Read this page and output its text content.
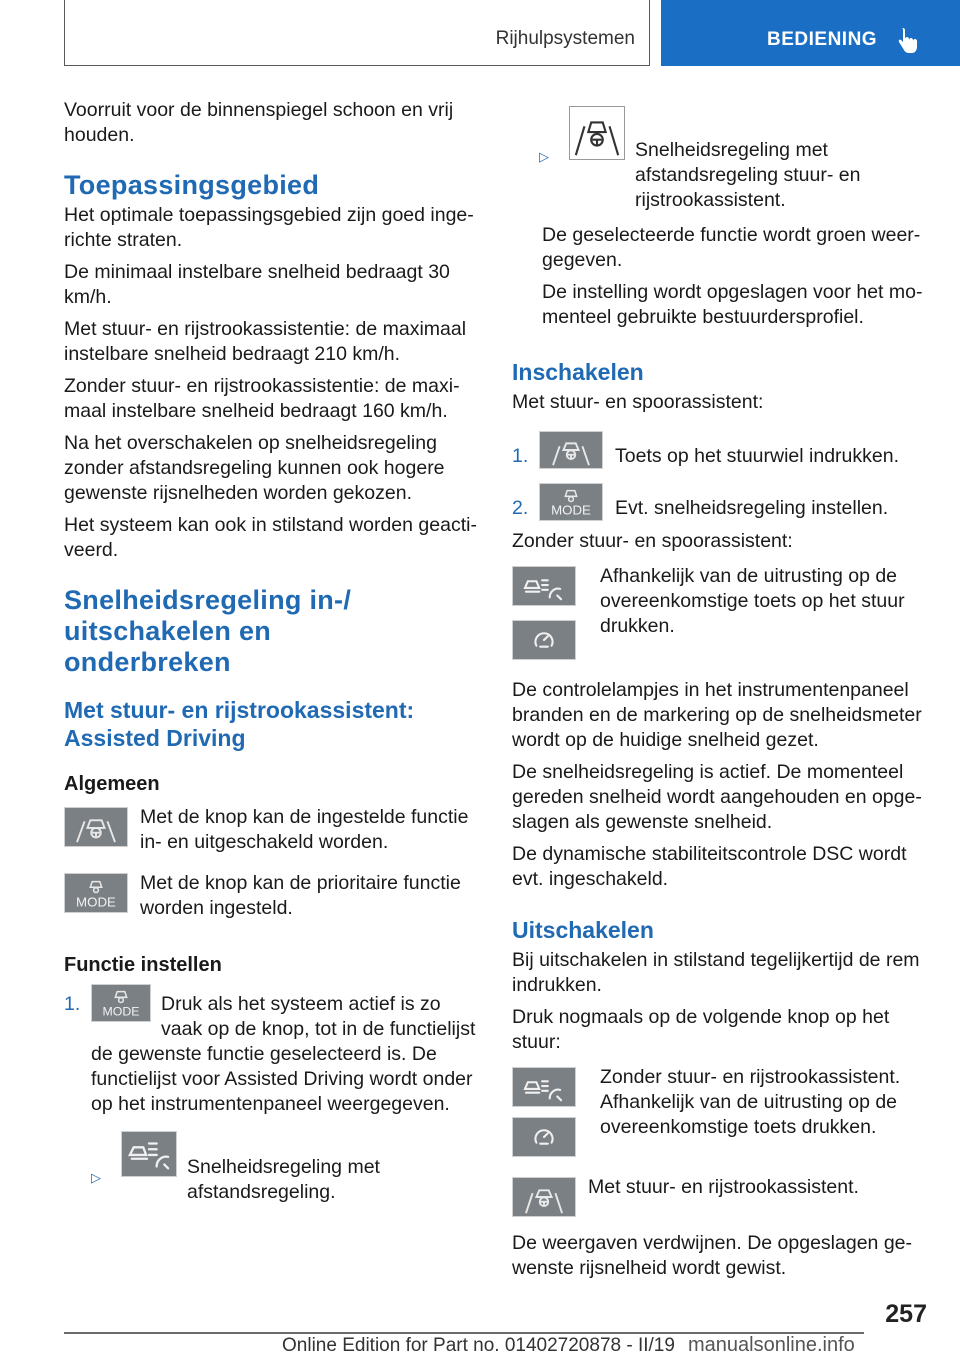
Rijhulpsystemen	BEDIENING

Voorruit voor de binnenspiegel schoon en vrij houden.

Toepassingsgebied

Het optimale toepassingsgebied zijn goed ingerichte straten.

De minimaal instelbare snelheid bedraagt 30 km/h.

Met stuur- en rijstrookassistentie: de maximaal instelbare snelheid bedraagt 210 km/h.

Zonder stuur- en rijstrookassistentie: de maximaal instelbare snelheid bedraagt 160 km/h.

Na het overschakelen op snelheidsregeling zonder afstandsregeling kunnen ook hogere gewenste rijsnelheden worden gekozen.

Het systeem kan ook in stilstand worden geactiveerd.

Snelheidsregeling in-/ uitschakelen en onderbreken
Met stuur- en rijstrookassistent: Assisted Driving
Algemeen
Met de knop kan de ingestelde functie in- en uitgeschakeld worden.
MODE
Met de knop kan de prioritaire functie worden ingesteld.
Functie instellen
1.	MODE Druk als het systeem actief is zo vaak op de knop, tot in de functielijst de gewenste functie geselecteerd is. De functielijst voor Assisted Driving wordt onder op het instrumentenpaneel weergegeven.
▷	Snelheidsregeling met afstandsregeling.
▷	Snelheidsregeling met afstandsregeling stuur- en rijstrookassistent.

De geselecteerde functie wordt groen weergegeven.

De instelling wordt opgeslagen voor het momenteel gebruikte bestuurdersprofiel.

Inschakelen

Met stuur- en spoorassistent:

1.	Toets op het stuurwiel indrukken.
2.	MODE Evt. snelheidsregeling instellen.

Zonder stuur- en spoorassistent:

Afhankelijk van de uitrusting op de overeenkomstige toets op het stuur drukken.

De controlelampjes in het instrumentenpaneel branden en de markering op de snelheidsmeter wordt op de huidige snelheid gezet.

De snelheidsregeling is actief. De momenteel gereden snelheid wordt aangehouden en opgeslagen als gewenste snelheid.

De dynamische stabiliteitscontrole DSC wordt evt. ingeschakeld.

Uitschakelen

Bij uitschakelen in stilstand tegelijkertijd de rem indrukken.

Druk nogmaals op de volgende knop op het stuur:

Zonder stuur- en rijstrookassistent. Afhankelijk van de uitrusting op de overeenkomstige toets drukken.
Met stuur- en rijstrookassistent.

De weergaven verdwijnen. De opgeslagen gewenste rijsnelheid wordt gewist.

257
Online Edition for Part no. 01402720878 - II/19 manualsonline.info
